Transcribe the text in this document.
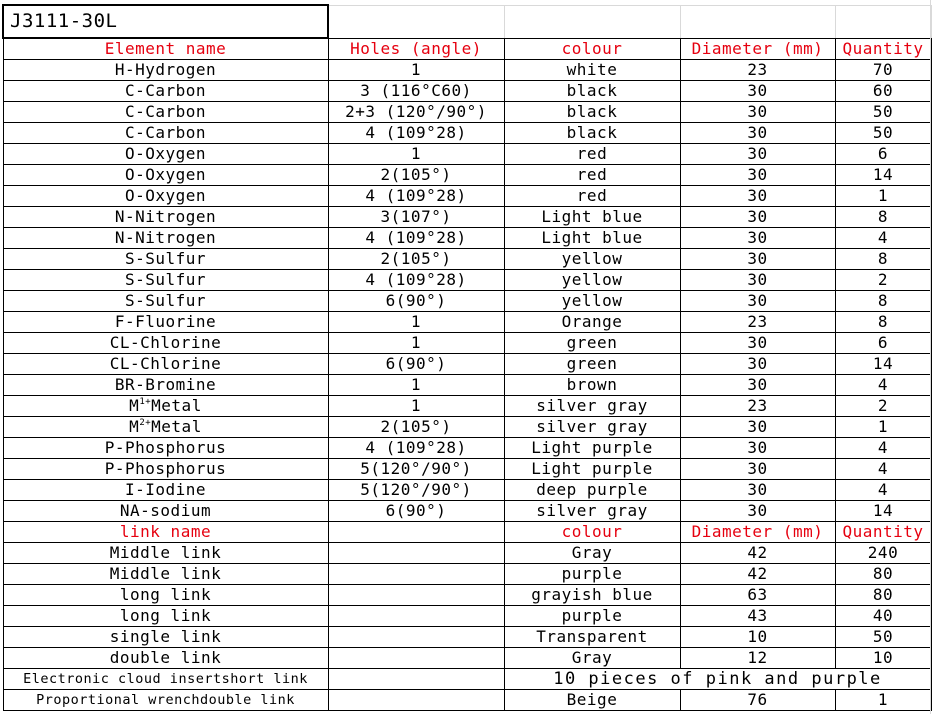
J3111-30L				
Element name	Holes (angle)	colour	Diameter (mm)	Quantity
H-Hydrogen	1	white	23	70
C-Carbon	3 (116°C60)	black	30	60
C-Carbon	2+3 (120°/90°)	black	30	50
C-Carbon	4 (109°28)	black	30	50
O-Oxygen	1	red	30	6
O-Oxygen	2(105°)	red	30	14
O-Oxygen	4 (109°28)	red	30	1
N-Nitrogen	3(107°)	Light blue	30	8
N-Nitrogen	4 (109°28)	Light blue	30	4
S-Sulfur	2(105°)	yellow	30	8
S-Sulfur	4 (109°28)	yellow	30	2
S-Sulfur	6(90°)	yellow	30	8
F-Fluorine	1	Orange	23	8
CL-Chlorine	1	green	30	6
CL-Chlorine	6(90°)	green	30	14
BR-Bromine	1	brown	30	4
$M^{1+}Metal$	1	silver gray	23	2
$M^{2+}Metal$	2(105°)	silver gray	30	1
P-Phosphorus	4 (109°28)	Light purple	30	4
P-Phosphorus	5(120°/90°)	Light purple	30	4
I-Iodine	5(120°/90°)	deep purple	30	4
NA-sodium	6(90°)	silver gray	30	14
link name		colour	Diameter (mm)	Quantity
Middle link		Gray	42	240
Middle link		purple	42	80
long link		grayish blue	63	80
long link		purple	43	40
single link		Transparent	10	50
double link		Gray	12	10
Electronic cloud insertshort link		10 pieces of pink and purple		
Proportional wrenchdouble link		Beige	76	1
